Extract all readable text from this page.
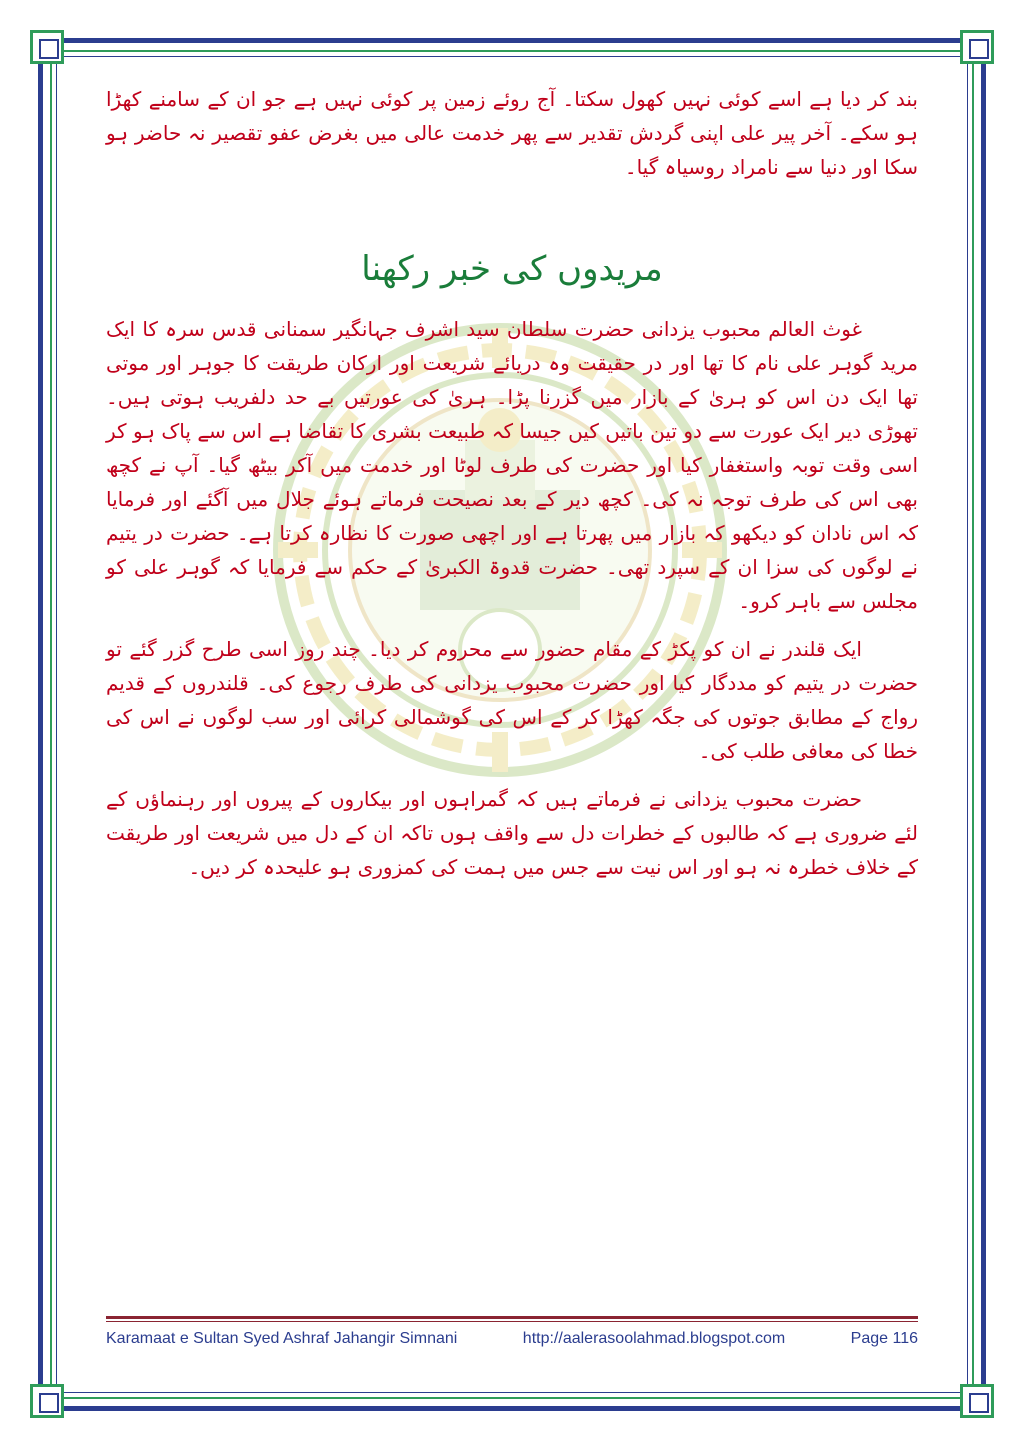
بند کر دیا ہے اسے کوئی نہیں کھول سکتا۔ آج روئے زمین پر کوئی نہیں ہے جو ان کے سامنے کھڑا ہو سکے۔ آخر پیر علی اپنی گردش تقدیر سے پھر خدمت عالی میں بغرض عفو تقصیر نہ حاضر ہو سکا اور دنیا سے نامراد روسیاہ گیا۔

مریدوں کی خبر رکھنا

غوث العالم محبوب یزدانی حضرت سلطان سید اشرف جہانگیر سمنانی قدس سرہ کا ایک مرید گوہر علی نام کا تھا اور در حقیقت وہ دریائے شریعت اور ارکان طریقت کا جوہر اور موتی تھا ایک دن اس کو ہریٰ کے بازار میں گزرنا پڑا۔ ہریٰ کی عورتیں بے حد دلفریب ہوتی ہیں۔ تھوڑی دیر ایک عورت سے دو تین باتیں کیں جیسا کہ طبیعت بشری کا تقاضا ہے اس سے پاک ہو کر اسی وقت توبہ واستغفار کیا اور حضرت کی طرف لوٹا اور خدمت میں آکر بیٹھ گیا۔ آپ نے کچھ بھی اس کی طرف توجہ نہ کی۔ کچھ دیر کے بعد نصیحت فرماتے ہوئے جلال میں آگئے اور فرمایا کہ اس نادان کو دیکھو کہ بازار میں پھرتا ہے اور اچھی صورت کا نظارہ کرتا ہے۔ حضرت در یتیم نے لوگوں کی سزا ان کے سپرد تھی۔ حضرت قدوۃ الکبریٰ کے حکم سے فرمایا کہ گوہر علی کو مجلس سے باہر کرو۔

ایک قلندر نے ان کو پکڑ کے مقام حضور سے محروم کر دیا۔ چند روز اسی طرح گزر گئے تو حضرت در یتیم کو مددگار کیا اور حضرت محبوب یزدانی کی طرف رجوع کی۔ قلندروں کے قدیم رواج کے مطابق جوتوں کی جگہ کھڑا کر کے اس کی گوشمالی کرائی اور سب لوگوں نے اس کی خطا کی معافی طلب کی۔

حضرت محبوب یزدانی نے فرماتے ہیں کہ گمراہوں اور بیکاروں کے پیروں اور رہنماؤں کے لئے ضروری ہے کہ طالبوں کے خطرات دل سے واقف ہوں تاکہ ان کے دل میں شریعت اور طریقت کے خلاف خطرہ نہ ہو اور اس نیت سے جس میں ہمت کی کمزوری ہو علیحدہ کر دیں۔

Karamaat e Sultan Syed Ashraf Jahangir Simnani	http://aalerasoolahmad.blogspot.com	Page 116
